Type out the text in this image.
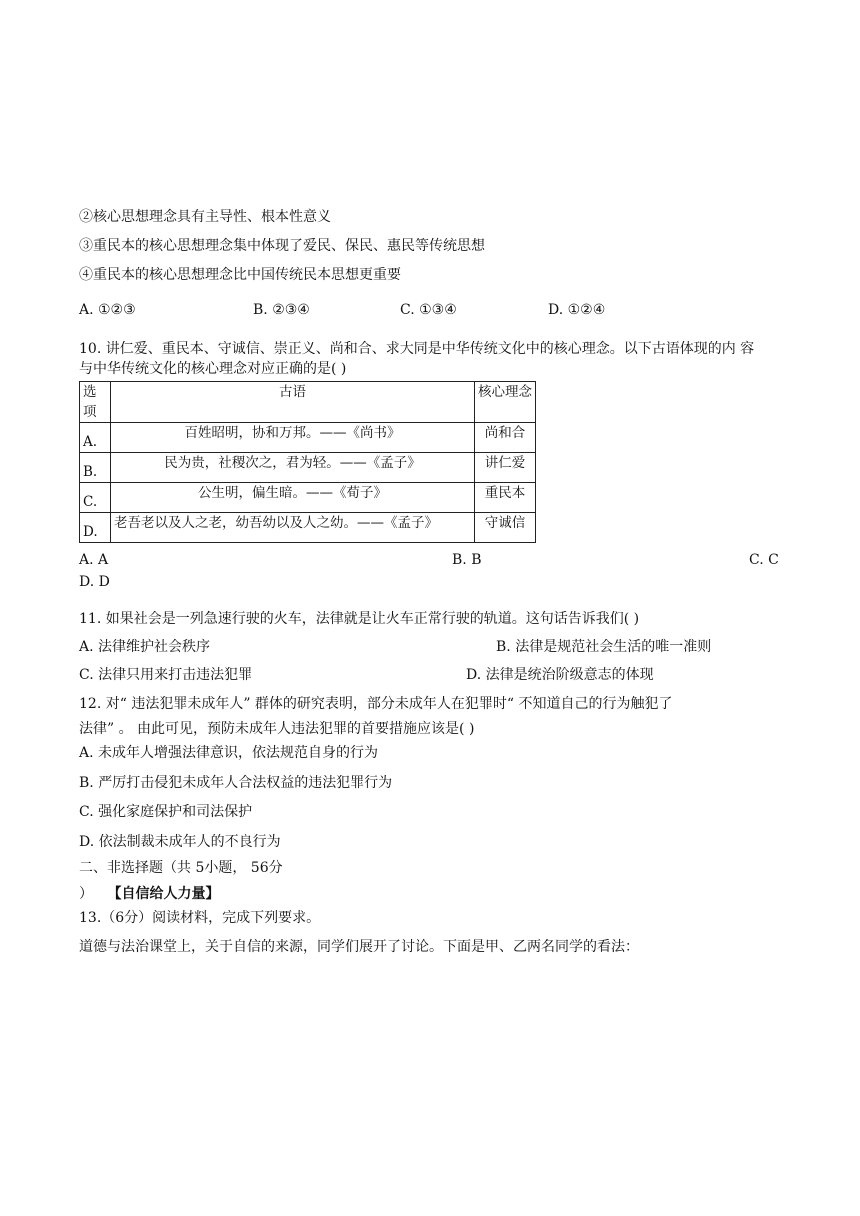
②核心思想理念具有主导性、根本性意义
③重民本的核心思想理念集中体现了爱民、保民、惠民等传统思想
④重民本的核心思想理念比中国传统民本思想更重要
A. ①②③	B. ②③④	C. ①③④	D. ①②④
10. 讲仁爱、重民本、守诚信、崇正义、尚和合、求大同是中华传统文化中的核心理念。以下古语体现的内 容
与中华传统文化的核心理念对应正确的是( )
选项	古语	核心理念
A.	百姓昭明，协和万邦。——《尚书》	尚和合
B.	民为贵，社稷次之，君为轻。——《孟子》	讲仁爱
C.	公生明，偏生暗。——《荀子》	重民本
D.	老吾老以及人之老，幼吾幼以及人之幼。——《孟子》	守诚信
A. A	B. B	C. C
D. D
11. 如果社会是一列急速行驶的火车，法律就是让火车正常行驶的轨道。这句话告诉我们( )
A. 法律维护社会秩序	B. 法律是规范社会生活的唯一准则
C. 法律只用来打击违法犯罪	D. 法律是统治阶级意志的体现
12. 对“ 违法犯罪未成年人” 群体的研究表明，部分未成年人在犯罪时“ 不知道自己的行为触犯了
法律” 。 由此可见，预防未成年人违法犯罪的首要措施应该是( )
A. 未成年人增强法律意识，依法规范自身的行为
B. 严厉打击侵犯未成年人合法权益的违法犯罪行为
C. 强化家庭保护和司法保护
D. 依法制裁未成年人的不良行为
二、非选择题（共 5小题， 56分
） 【自信给人力量】
13.（6分）阅读材料，完成下列要求。
道德与法治课堂上，关于自信的来源，同学们展开了讨论。下面是甲、乙两名同学的看法：
